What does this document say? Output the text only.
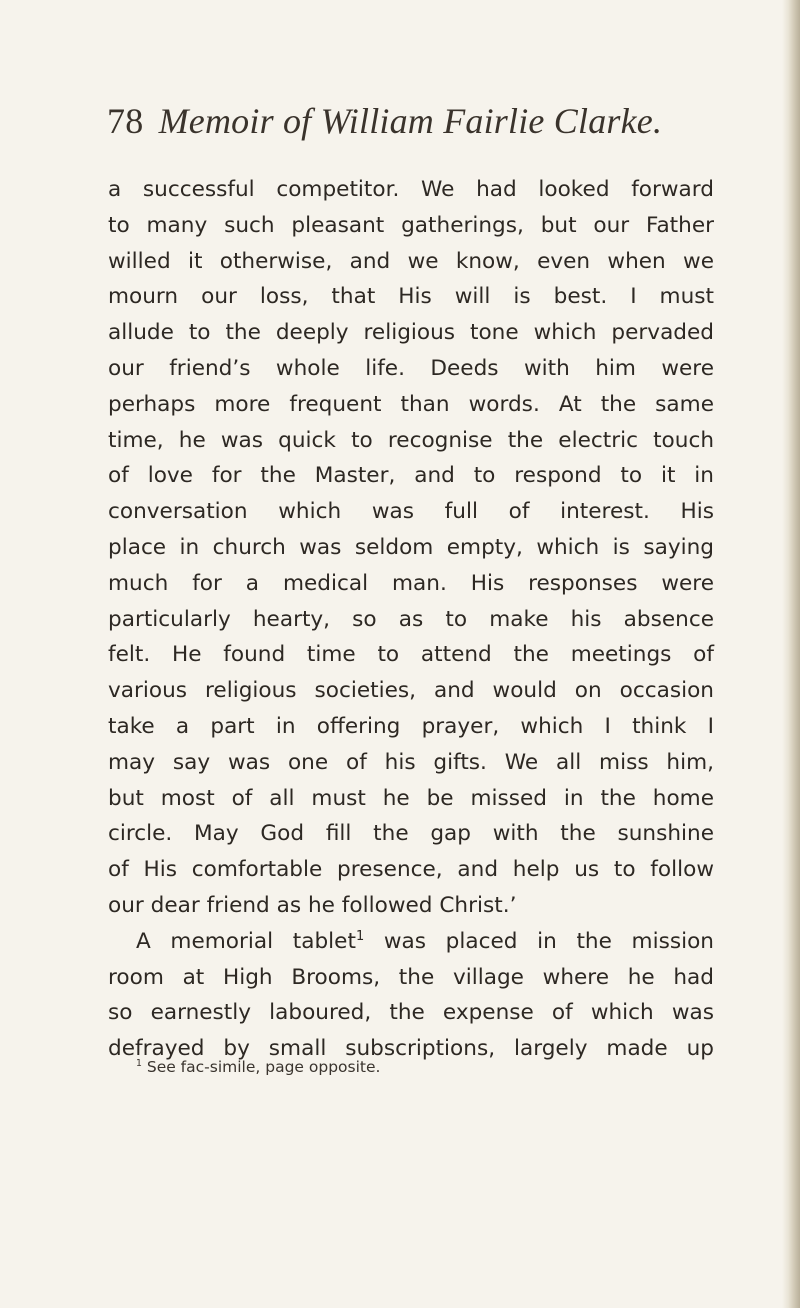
78 Memoir of William Fairlie Clarke.
a successful competitor. We had looked forward
to many such pleasant gatherings, but our Father
willed it otherwise, and we know, even when we
mourn our loss, that His will is best. I must
allude to the deeply religious tone which pervaded
our friend’s whole life. Deeds with him were
perhaps more frequent than words. At the same
time, he was quick to recognise the electric touch
of love for the Master, and to respond to it in
conversation which was full of interest. His
place in church was seldom empty, which is saying
much for a medical man. His responses were
particularly hearty, so as to make his absence
felt. He found time to attend the meetings of
various religious societies, and would on occasion
take a part in offering prayer, which I think I
may say was one of his gifts. We all miss him,
but most of all must he be missed in the home
circle. May God fill the gap with the sunshine
of His comfortable presence, and help us to follow
our dear friend as he followed Christ.’
A memorial tablet$^1$ was placed in the mission
room at High Brooms, the village where he had
so earnestly laboured, the expense of which was
defrayed by small subscriptions, largely made up
$^1$ See fac-simile, page opposite.
